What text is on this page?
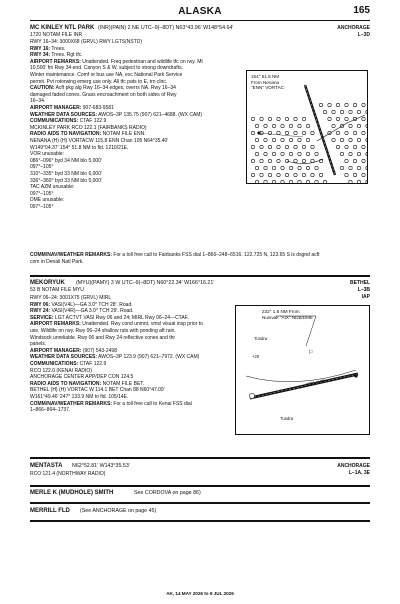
ALASKA	165
MC KINLEY NTL PARK (INR)(PAIN) 2 NE UTC–9(–8DT) N63°43.96ʹ W148°54.64ʹ
1720 NOTAM FILE INR
ANCHORAGE
L–3D
RWY 16–34: 3000X68 (GRVL) RWY LGTS(NSTD)
RWY 16: Trees.
RWY 34: Trees. Rgt tfc.
AIRPORT REMARKS: Unattended. Freq pedestrian and wildlife tfc on rwy. Mt
10,500ʹ fm Rwy 34 end. Canyon S & W, subject to strong downdrafts.
Winter maintenance. Comf or bus use NA, exc National Park Service
permit. Pvt rotorwing emerg use only. All tfc pats to E, trn clnc.
CAUTION: Acft pkg alg Rwy 16–34 edges, overrs NA. Rwy 16–34
damaged faded cones. Grass encroachment on both sides of Rwy
16–34.
AIRPORT MANAGER: 907-683-9581
WEATHER DATA SOURCES: AWOS–3P 135.75 (907) 621–4688. (WX CAM)
COMMUNICATIONS: CTAF 122.9
MCKINLEY PARK RCO 122.1 (FAIRBANKS RADIO)
RADIO AIDS TO NAVIGATION: NOTAM FILE ENN.
NENANA (H) (H) VORTACW 115.8 ENN Chan 105 N64°35.40ʹ
W149°04.37ʹ 154° 51.8 NM to fld. 1210/21E.
VOR unusable:
086°–096° byd 34 NM blo 5,000ʹ
097°–105°
310°–335° byd 33 NM blo 6,000ʹ
336°–360° byd 33 NM blo 5,000ʹ
TAC AZM unusable:
097°–105°
DME unusable:
097°–105°
COMM/NAV/WEATHER REMARKS: For a toll free call to Fairbanks FSS dial 1–866–248–6516. 122.725 N, 123.65 S is dsgnd acft
com in Denali Natl Park.
154° 51.8 NM
From Nenana
"ENN" VORTAC
MEKORYUK (MYU)(PAMY) 3 W UTC–9(–8DT) N60°22.34ʹ W166°16.21ʹ
53 B NOTAM FILE MYU
BETHEL
L–3B
IAP
RWY 06–24: 3001X75 (GRVL) MIRL
RWY 06: VASI(V4L)—GA 3.0° TCH 28ʹ. Road.
RWY 24: VASI(V4R)—GA 3.0° TCH 29ʹ. Road.
SERVICE: LGT ACTVT VASI Rwy 06 and 24; MIRL Rwy 06–24—CTAF.
AIRPORT REMARKS: Unattended. Rwy cond unmnt, vmsl visual insp prior to
use. Wildlife on rwy. Rwy 06–24 shallow ruts with ponding aft rain.
Windsock unreliable. Rwy 06 and Rwy 24 reflective cones and thr
panels.
AIRPORT MANAGER: (907) 543-2498
WEATHER DATA SOURCES: AWOS–3P 123.9 (907) 621–7972. (WX CAM)
COMMUNICATIONS: CTAF 122.9
RCO 122.0 (KENAI RADIO)
ANCHORAGE CENTER APP/DEP CON 124.5
RADIO AIDS TO NAVIGATION: NOTAM FILE BET.
BETHEL (H) (H) VORTAC W 114.1 BET Chan 88 N60°47.09ʹ
W161°49.46ʹ 247° 133.9 NM to fld. 105/14E.
COMM/NAV/WEATHER REMARKS: For a toll free call to Kenai FSS dial
1–866–864–1737.
⚐
232° 1.8 NM From
Nunivak "AIX" NDB/DME
Tundra
+20
3001 X 75
Tundra
MENTASTA N62°52.81ʹ W143°35.53ʹ
RCO 121.4 (NORTHWAY RADIO)
ANCHORAGE
L–1A, 3E
MERLE K (MUDHOLE) SMITH	See CORDOVA on page 86)
MERRILL FLD (See ANCHORAGE on page 45)
AK, 14 MAY 2026 to 9 JUL 2026
